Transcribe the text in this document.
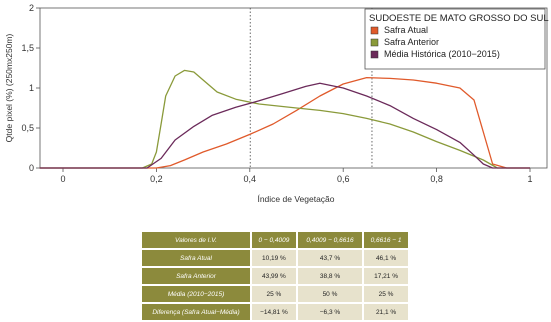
0
0,5
1
1,5
2
0	0,2	0,4	0,6	0,8	1
Qtde pixel (%) (250mx250m)
Índice de Vegetação
SUDOESTE DE MATO GROSSO DO SUL
Safra Atual
Safra Anterior
Média Histórica (2010−2015)
Valores de I.V.	0 − 0,4009	0,4009 − 0,6616	0,6616 − 1
Safra Atual	10,19 %	43,7 %	46,1 %
Safra Anterior	43,99 %	38,8 %	17,21 %
Média (2010−2015)	25 %	50 %	25 %
Diferença (Safra Atual−Média)	−14,81 %	−6,3 %	21,1 %
